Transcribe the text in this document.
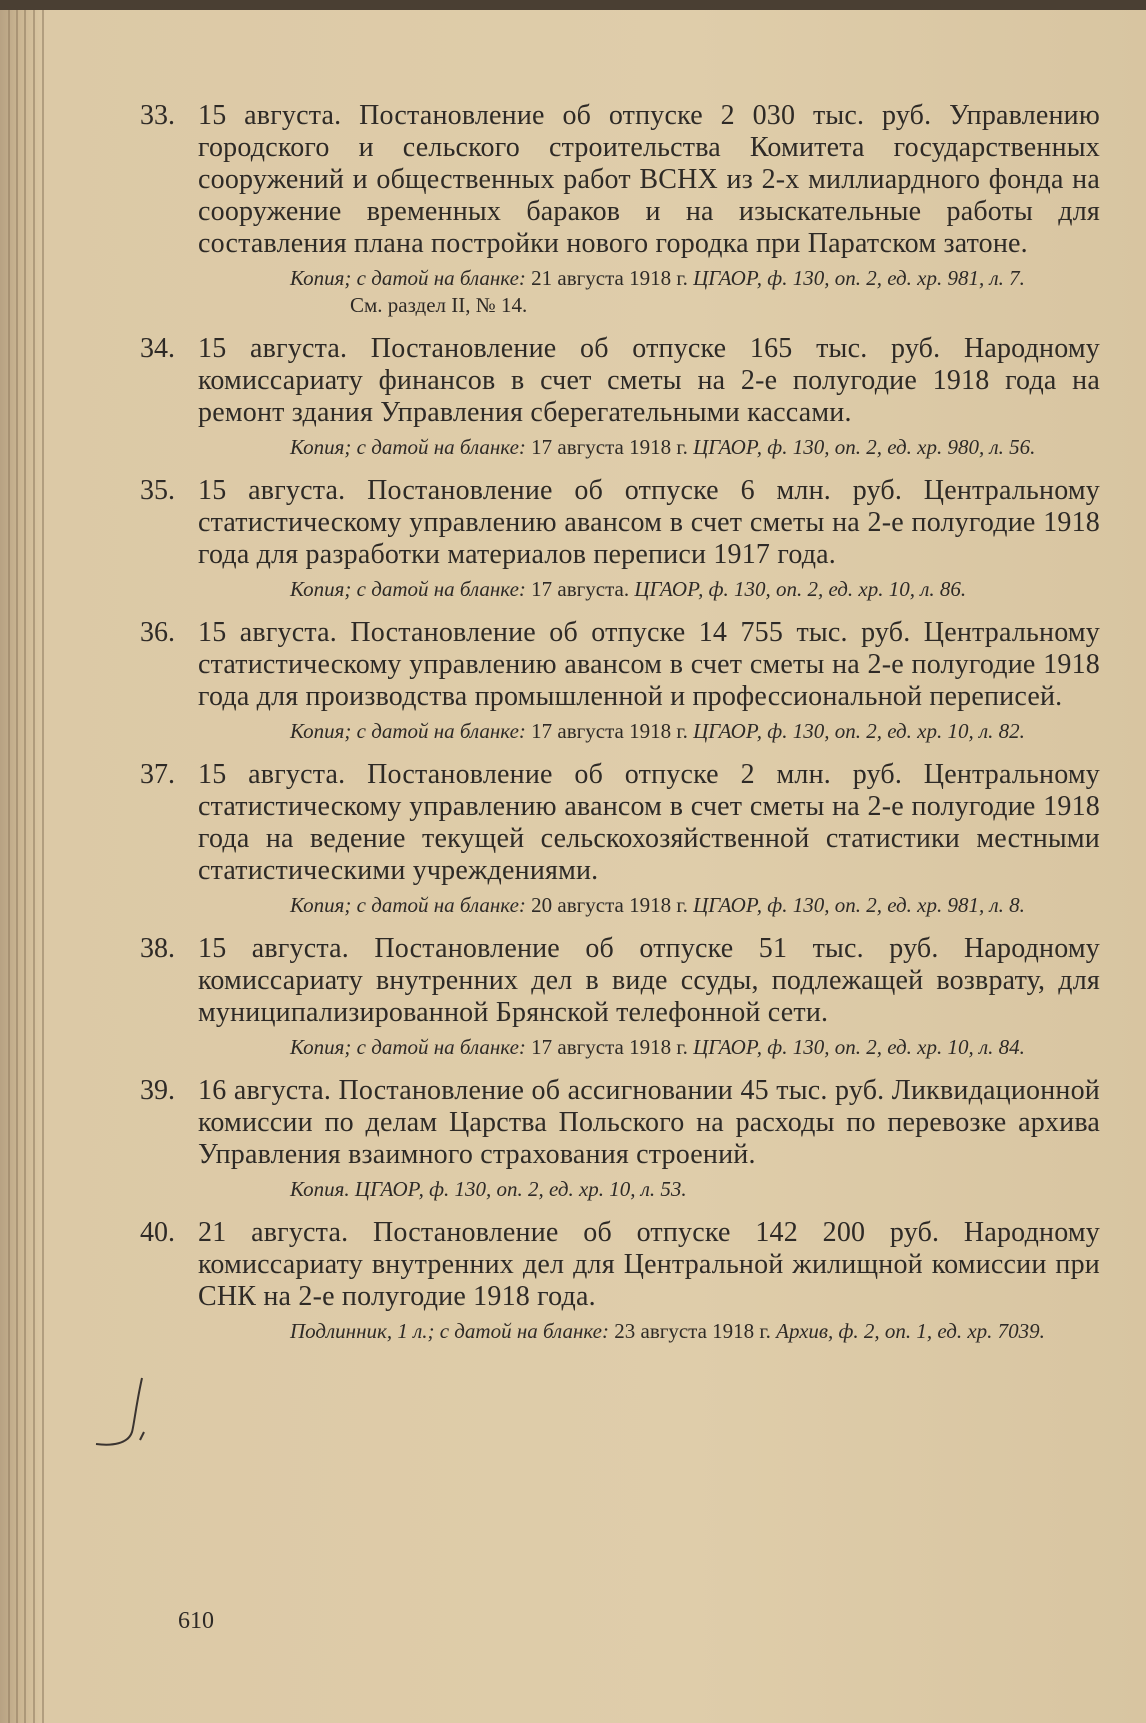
33. 15 августа. Постановление об отпуске 2 030 тыс. руб. Управлению городского и сельского строительства Комитета государственных сооружений и общественных работ ВСНХ из 2-х миллиардного фонда на сооружение временных бараков и на изыскательные работы для составления плана постройки нового городка при Паратском затоне.
Копия; с датой на бланке: 21 августа 1918 г. ЦГАОР, ф. 130, оп. 2, ед. хр. 981, л. 7.
См. раздел II, № 14.
34. 15 августа. Постановление об отпуске 165 тыс. руб. Народному комиссариату финансов в счет сметы на 2-е полугодие 1918 года на ремонт здания Управления сберегательными кассами.
Копия; с датой на бланке: 17 августа 1918 г. ЦГАОР, ф. 130, оп. 2, ед. хр. 980, л. 56.
35. 15 августа. Постановление об отпуске 6 млн. руб. Центральному статистическому управлению авансом в счет сметы на 2-е полугодие 1918 года для разработки материалов переписи 1917 года.
Копия; с датой на бланке: 17 августа. ЦГАОР, ф. 130, оп. 2, ед. хр. 10, л. 86.
36. 15 августа. Постановление об отпуске 14 755 тыс. руб. Центральному статистическому управлению авансом в счет сметы на 2-е полугодие 1918 года для производства промышленной и профессиональной переписей.
Копия; с датой на бланке: 17 августа 1918 г. ЦГАОР, ф. 130, оп. 2, ед. хр. 10, л. 82.
37. 15 августа. Постановление об отпуске 2 млн. руб. Центральному статистическому управлению авансом в счет сметы на 2-е полугодие 1918 года на ведение текущей сельскохозяйственной статистики местными статистическими учреждениями.
Копия; с датой на бланке: 20 августа 1918 г. ЦГАОР, ф. 130, оп. 2, ед. хр. 981, л. 8.
38. 15 августа. Постановление об отпуске 51 тыс. руб. Народному комиссариату внутренних дел в виде ссуды, подлежащей возврату, для муниципализированной Брянской телефонной сети.
Копия; с датой на бланке: 17 августа 1918 г. ЦГАОР, ф. 130, оп. 2, ед. хр. 10, л. 84.
39. 16 августа. Постановление об ассигновании 45 тыс. руб. Ликвидационной комиссии по делам Царства Польского на расходы по перевозке архива Управления взаимного страхования строений.
Копия. ЦГАОР, ф. 130, оп. 2, ед. хр. 10, л. 53.
40. 21 августа. Постановление об отпуске 142 200 руб. Народному комиссариату внутренних дел для Центральной жилищной комиссии при СНК на 2-е полугодие 1918 года.
Подлинник, 1 л.; с датой на бланке: 23 августа 1918 г. Архив, ф. 2, оп. 1, ед. хр. 7039.
610
